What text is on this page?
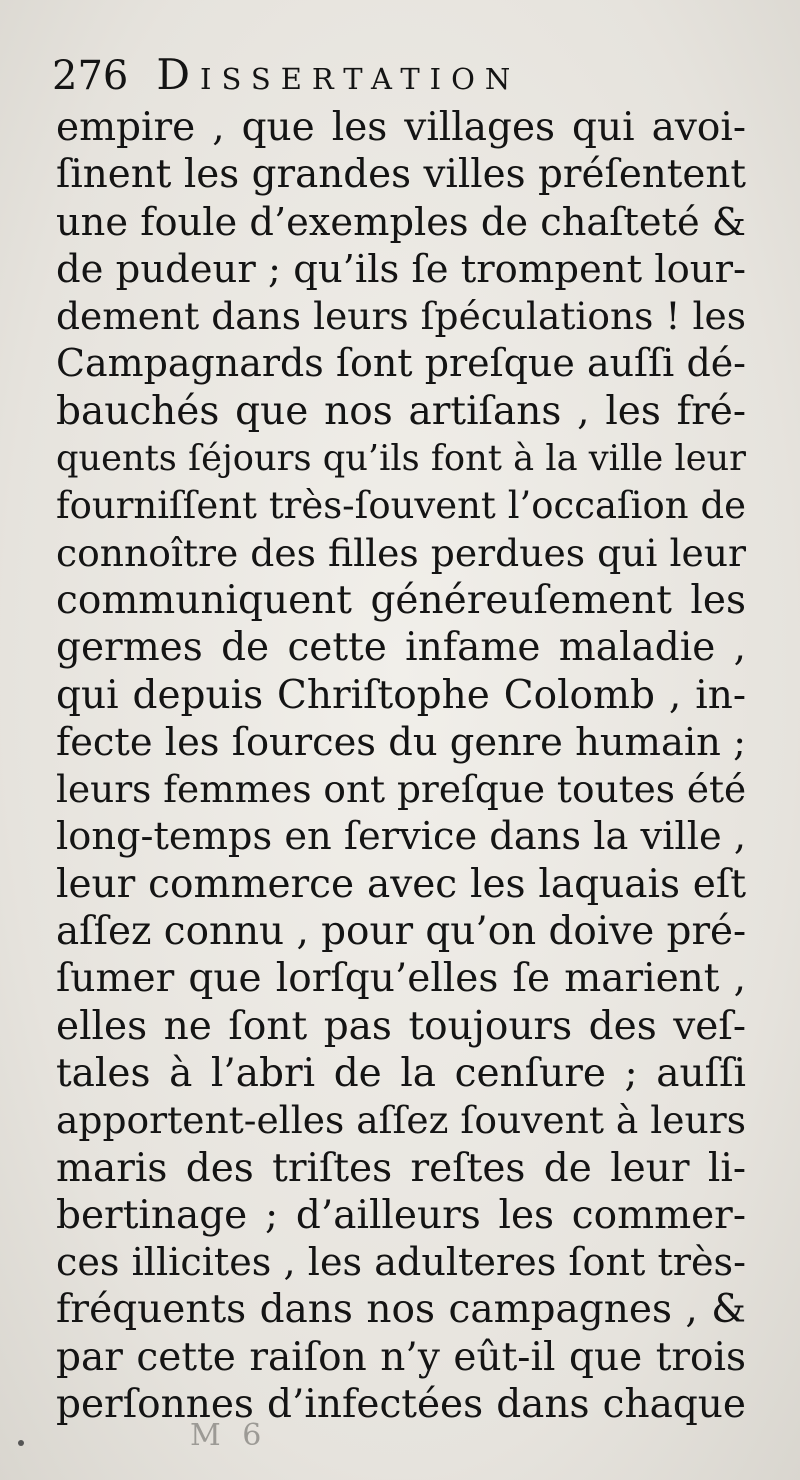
276 Dissertation
empire , que les villages qui avoi-
ſinent les grandes villes préſentent
une foule d’exemples de chaſteté &
de pudeur ; qu’ils ſe trompent lour-
dement dans leurs ſpéculations ! les
Campagnards ſont preſque auſſi dé-
bauchés que nos artiſans , les fré-
quents ſéjours qu’ils font à la ville leur
fourniſſent très-ſouvent l’occaſion de
connoître des filles perdues qui leur
communiquent généreuſement les
germes de cette infame maladie ,
qui depuis Chriſtophe Colomb , in-
fecte les ſources du genre humain ;
leurs femmes ont preſque toutes été
long-temps en ſervice dans la ville ,
leur commerce avec les laquais eſt
aſſez connu , pour qu’on doive pré-
ſumer que lorſqu’elles ſe marient ,
elles ne ſont pas toujours des veſ-
tales à l’abri de la cenſure ; auſſi
apportent-elles aſſez ſouvent à leurs
maris des triſtes reſtes de leur li-
bertinage ; d’ailleurs les commer-
ces illicites , les adulteres ſont très-
fréquents dans nos campagnes , &
par cette raiſon n’y eût-il que trois
perſonnes d’infectées dans chaque
M 6
